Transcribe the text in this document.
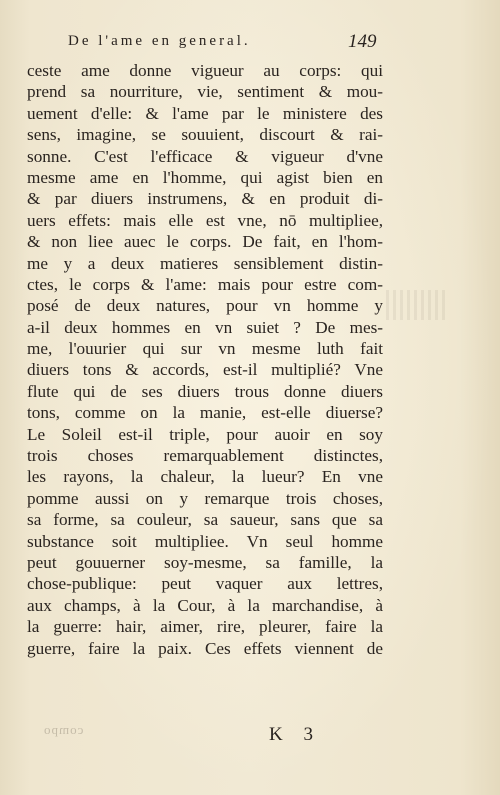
De l'ame en general.	149
ceste ame donne vigueur au corps: qui
prend sa nourriture, vie, sentiment & mou-
uement d'elle: & l'ame par le ministere des
sens, imagine, se souuient, discourt & rai-
sonne. C'est l'efficace & vigueur d'vne
mesme ame en l'homme, qui agist bien en
& par diuers instrumens, & en produit di-
uers effets: mais elle est vne, nō multipliee,
& non liee auec le corps. De fait, en l'hom-
me y a deux matieres sensiblement distin-
ctes, le corps & l'ame: mais pour estre com-
posé de deux natures, pour vn homme y
a-il deux hommes en vn suiet ? De mes-
me, l'ouurier qui sur vn mesme luth fait
diuers tons & accords, est-il multiplié? Vne
flute qui de ses diuers trous donne diuers
tons, comme on la manie, est-elle diuerse?
Le Soleil est-il triple, pour auoir en soy
trois choses remarquablement distinctes,
les rayons, la chaleur, la lueur? En vne
pomme aussi on y remarque trois choses,
sa forme, sa couleur, sa saueur, sans que sa
substance soit multipliee. Vn seul homme
peut gouuerner soy-mesme, sa famille, la
chose-publique: peut vaquer aux lettres,
aux champs, à la Cour, à la marchandise, à
la guerre: hair, aimer, rire, pleurer, faire la
guerre, faire la paix. Ces effets viennent de
compo	K 3
